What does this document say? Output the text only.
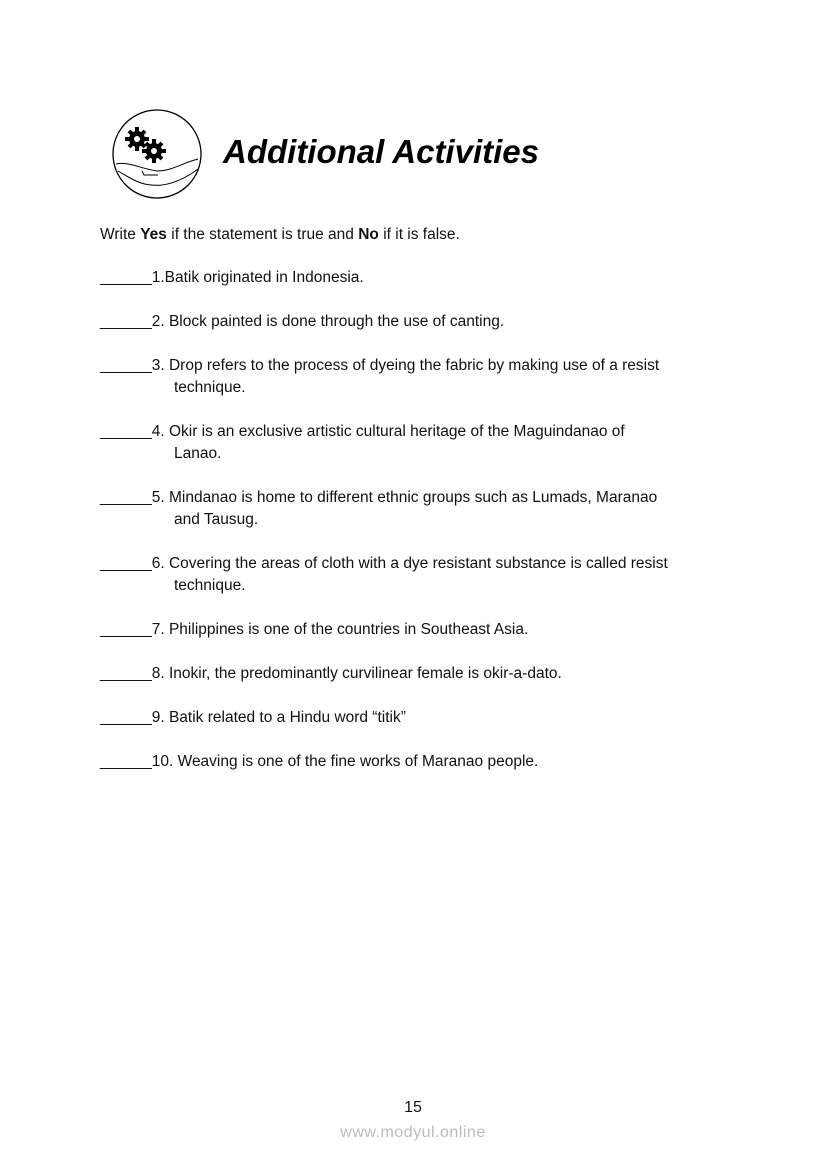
Additional Activities
Write Yes if the statement is true and No if it is false.
______1.Batik originated in Indonesia.
______2. Block painted is done through the use of canting.
______3. Drop refers to the process of dyeing the fabric by making use of a resist
technique.
______4. Okir is an exclusive artistic cultural heritage of the Maguindanao of
Lanao.
______5. Mindanao is home to different ethnic groups such as Lumads, Maranao
and Tausug.
______6. Covering the areas of cloth with a dye resistant substance is called resist
technique.
______7. Philippines is one of the countries in Southeast Asia.
______8. Inokir, the predominantly curvilinear female is okir-a-dato.
______9. Batik related to a Hindu word “titik”
______10. Weaving is one of the fine works of Maranao people.
15
www.modyul.online
